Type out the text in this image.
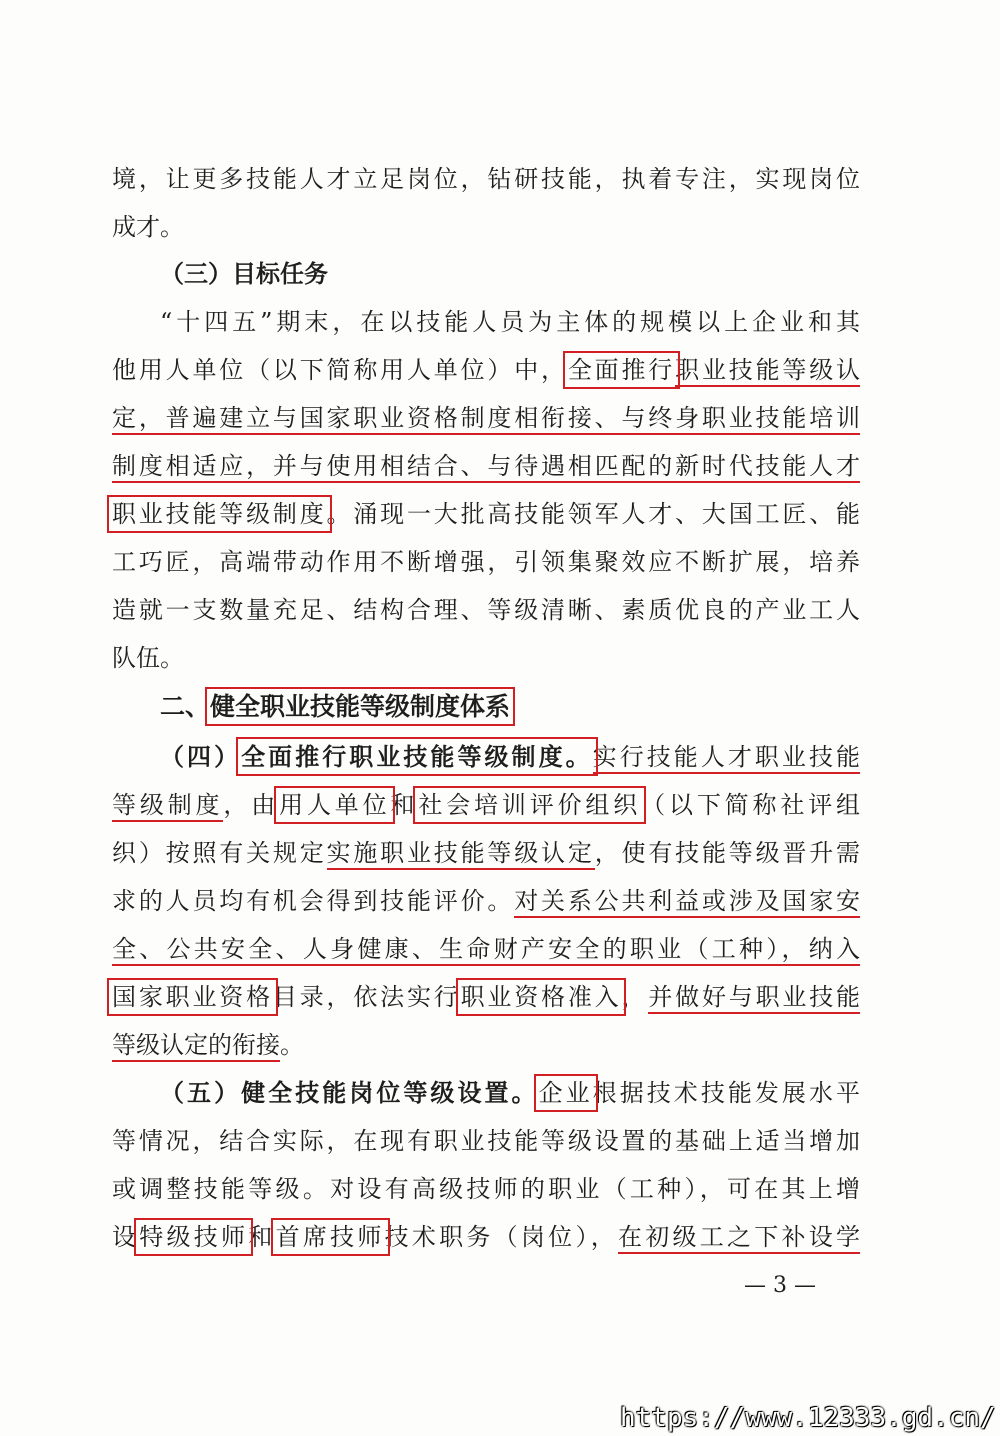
境，让更多技能人才立足岗位，钻研技能，执着专注，实现岗位
成才。
（三）目标任务
“十四五”期末，在以技能人员为主体的规模以上企业和其
他用人单位（以下简称用人单位）中，全面推行职业技能等级认
定，普遍建立与国家职业资格制度相衔接、与终身职业技能培训
制度相适应，并与使用相结合、与待遇相匹配的新时代技能人才
职业技能等级制度。涌现一大批高技能领军人才、大国工匠、能
工巧匠，高端带动作用不断增强，引领集聚效应不断扩展，培养
造就一支数量充足、结构合理、等级清晰、素质优良的产业工人
队伍。
二、健全职业技能等级制度体系
（四）全面推行职业技能等级制度。实行技能人才职业技能
等级制度，由用人单位和社会培训评价组织（以下简称社评组
织）按照有关规定实施职业技能等级认定，使有技能等级晋升需
求的人员均有机会得到技能评价。对关系公共利益或涉及国家安
全、公共安全、人身健康、生命财产安全的职业（工种），纳入
国家职业资格目录，依法实行职业资格准入，并做好与职业技能
等级认定的衔接。
（五）健全技能岗位等级设置。企业根据技术技能发展水平
等情况，结合实际，在现有职业技能等级设置的基础上适当增加
或调整技能等级。对设有高级技师的职业（工种），可在其上增
设特级技师和首席技师技术职务（岗位），在初级工之下补设学
— 3 —
https://www.12333.gd.cn/
